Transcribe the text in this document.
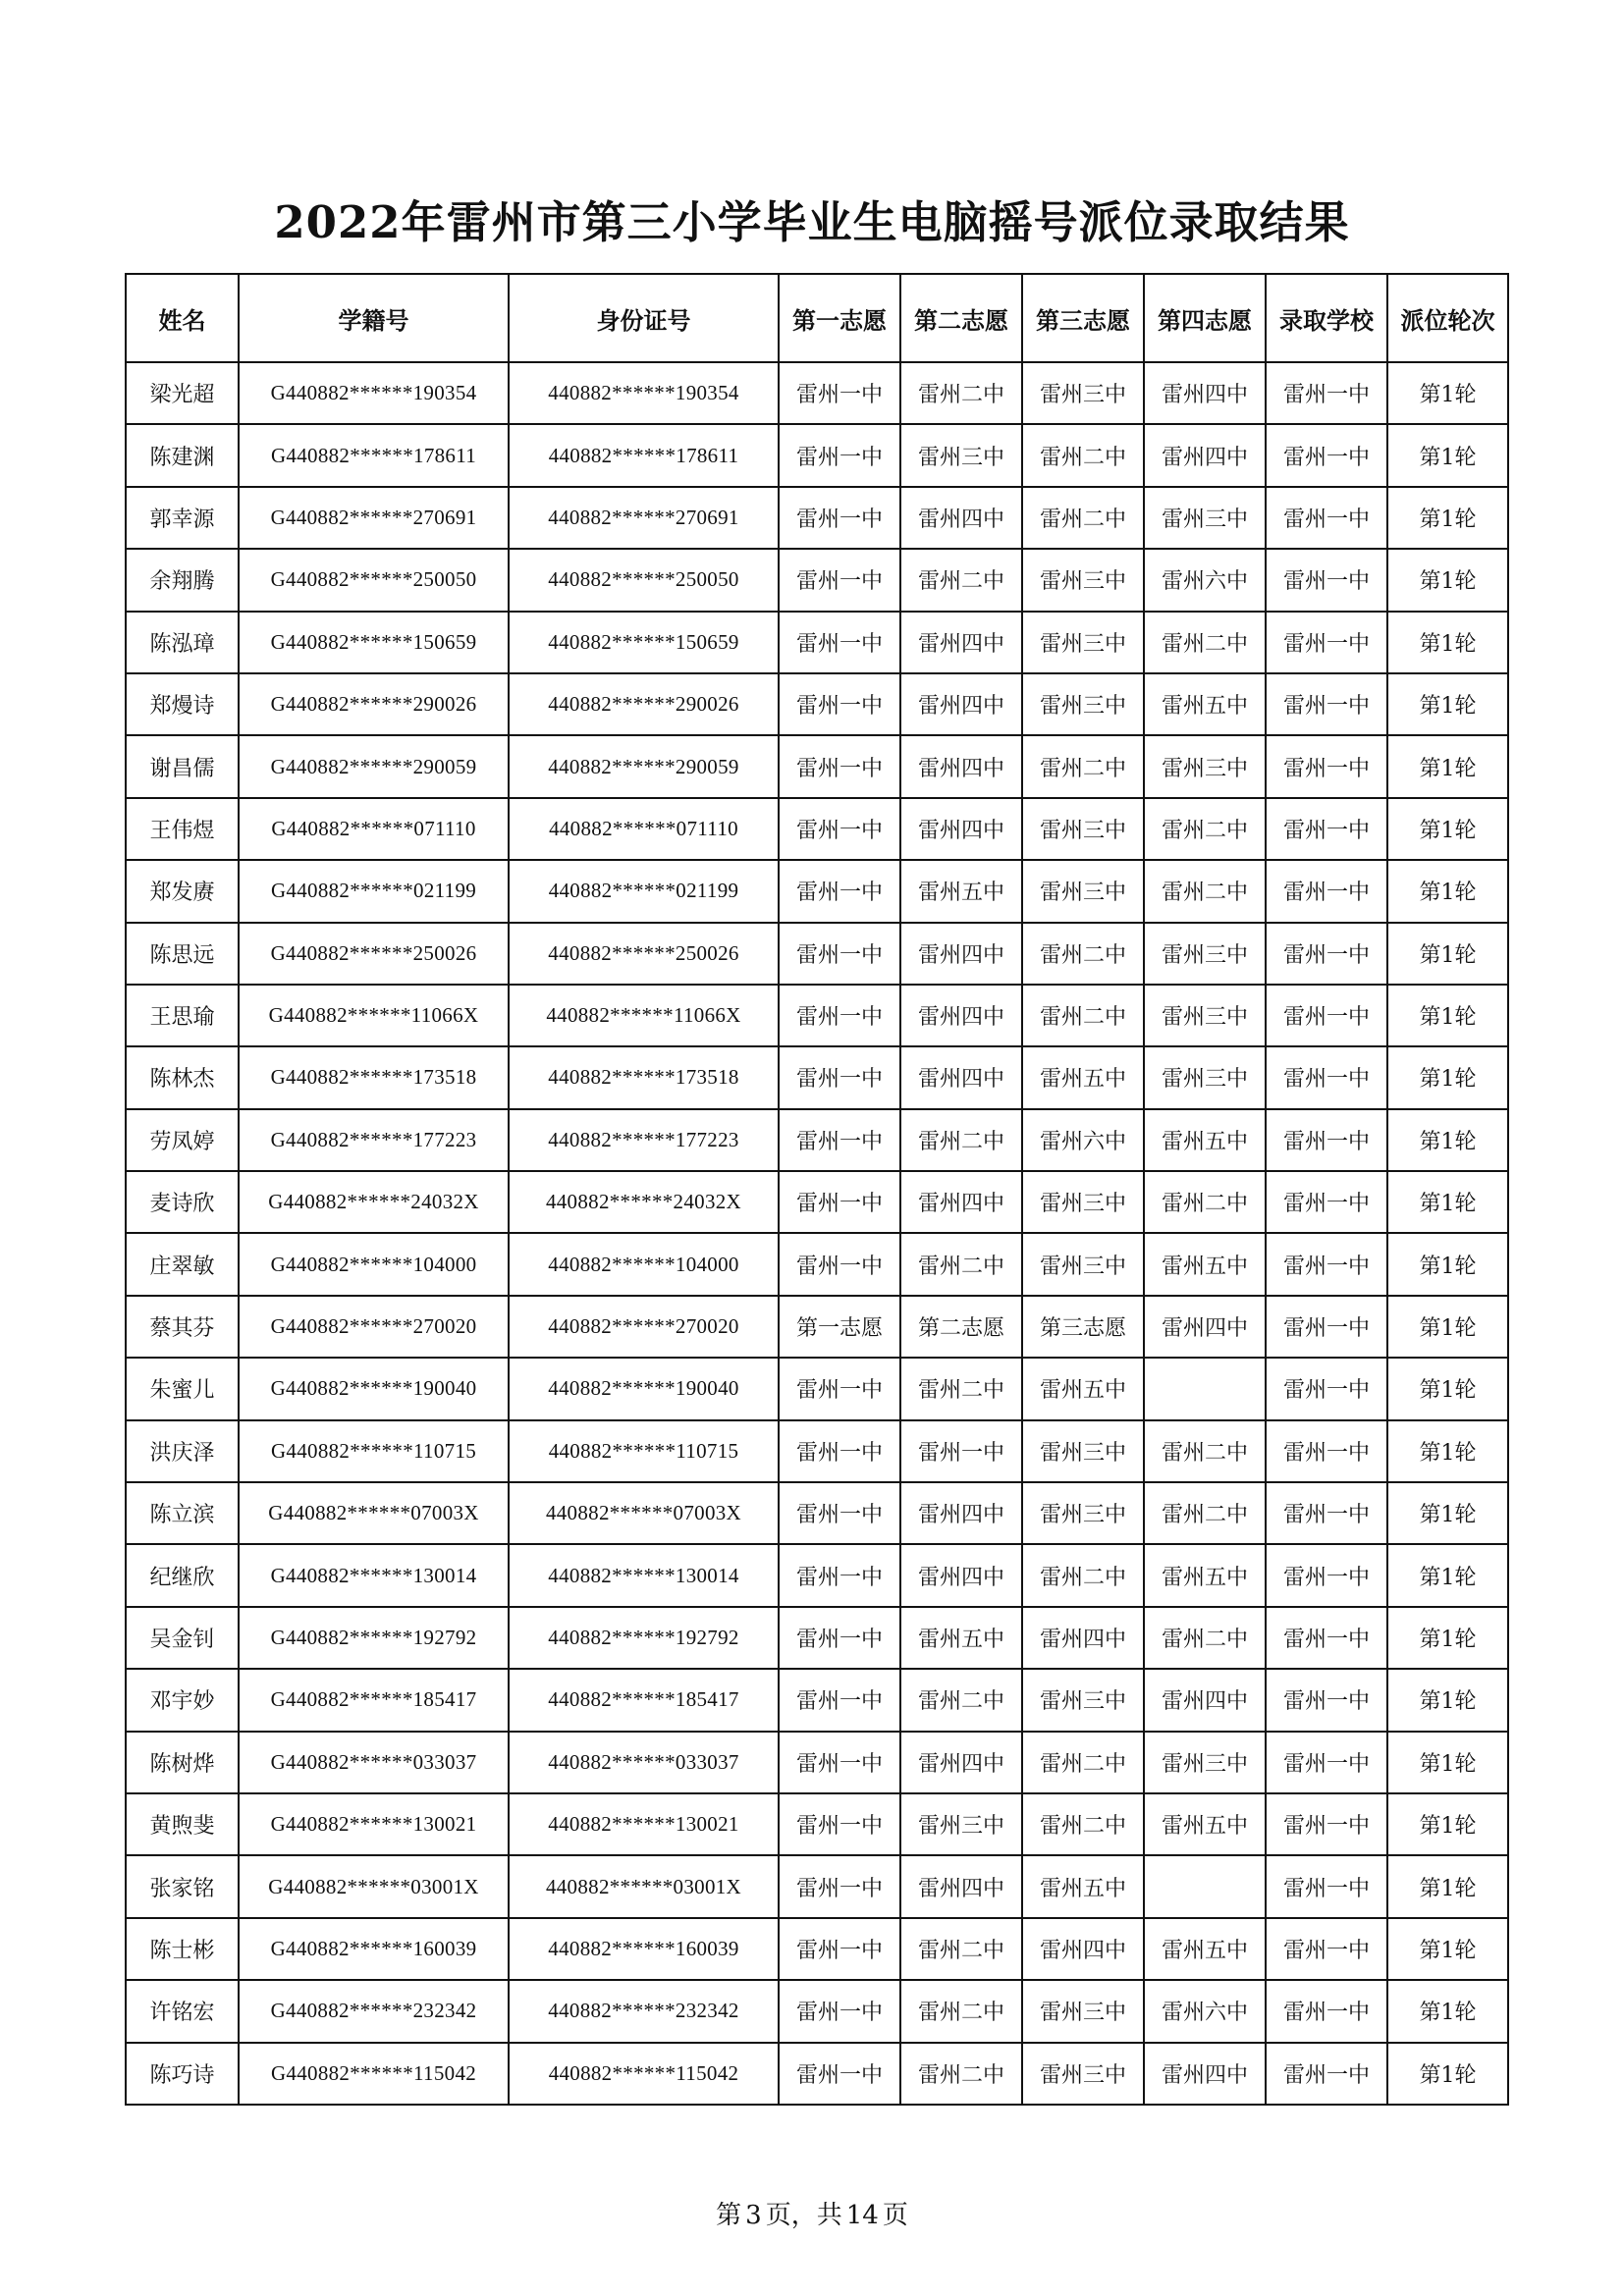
2022年雷州市第三小学毕业生电脑摇号派位录取结果
姓名	学籍号	身份证号	第一志愿	第二志愿	第三志愿	第四志愿	录取学校	派位轮次
梁光超	G440882******190354	440882******190354	雷州一中	雷州二中	雷州三中	雷州四中	雷州一中	第1轮
陈建渊	G440882******178611	440882******178611	雷州一中	雷州三中	雷州二中	雷州四中	雷州一中	第1轮
郭幸源	G440882******270691	440882******270691	雷州一中	雷州四中	雷州二中	雷州三中	雷州一中	第1轮
余翔腾	G440882******250050	440882******250050	雷州一中	雷州二中	雷州三中	雷州六中	雷州一中	第1轮
陈泓璋	G440882******150659	440882******150659	雷州一中	雷州四中	雷州三中	雷州二中	雷州一中	第1轮
郑熳诗	G440882******290026	440882******290026	雷州一中	雷州四中	雷州三中	雷州五中	雷州一中	第1轮
谢昌儒	G440882******290059	440882******290059	雷州一中	雷州四中	雷州二中	雷州三中	雷州一中	第1轮
王伟煜	G440882******071110	440882******071110	雷州一中	雷州四中	雷州三中	雷州二中	雷州一中	第1轮
郑发赓	G440882******021199	440882******021199	雷州一中	雷州五中	雷州三中	雷州二中	雷州一中	第1轮
陈思远	G440882******250026	440882******250026	雷州一中	雷州四中	雷州二中	雷州三中	雷州一中	第1轮
王思瑜	G440882******11066X	440882******11066X	雷州一中	雷州四中	雷州二中	雷州三中	雷州一中	第1轮
陈林杰	G440882******173518	440882******173518	雷州一中	雷州四中	雷州五中	雷州三中	雷州一中	第1轮
劳凤婷	G440882******177223	440882******177223	雷州一中	雷州二中	雷州六中	雷州五中	雷州一中	第1轮
麦诗欣	G440882******24032X	440882******24032X	雷州一中	雷州四中	雷州三中	雷州二中	雷州一中	第1轮
庄翠敏	G440882******104000	440882******104000	雷州一中	雷州二中	雷州三中	雷州五中	雷州一中	第1轮
蔡其芬	G440882******270020	440882******270020	第一志愿	第二志愿	第三志愿	雷州四中	雷州一中	第1轮
朱蜜儿	G440882******190040	440882******190040	雷州一中	雷州二中	雷州五中		雷州一中	第1轮
洪庆泽	G440882******110715	440882******110715	雷州一中	雷州一中	雷州三中	雷州二中	雷州一中	第1轮
陈立滨	G440882******07003X	440882******07003X	雷州一中	雷州四中	雷州三中	雷州二中	雷州一中	第1轮
纪继欣	G440882******130014	440882******130014	雷州一中	雷州四中	雷州二中	雷州五中	雷州一中	第1轮
吴金钊	G440882******192792	440882******192792	雷州一中	雷州五中	雷州四中	雷州二中	雷州一中	第1轮
邓宇妙	G440882******185417	440882******185417	雷州一中	雷州二中	雷州三中	雷州四中	雷州一中	第1轮
陈树烨	G440882******033037	440882******033037	雷州一中	雷州四中	雷州二中	雷州三中	雷州一中	第1轮
黄煦斐	G440882******130021	440882******130021	雷州一中	雷州三中	雷州二中	雷州五中	雷州一中	第1轮
张家铭	G440882******03001X	440882******03001X	雷州一中	雷州四中	雷州五中		雷州一中	第1轮
陈士彬	G440882******160039	440882******160039	雷州一中	雷州二中	雷州四中	雷州五中	雷州一中	第1轮
许铭宏	G440882******232342	440882******232342	雷州一中	雷州二中	雷州三中	雷州六中	雷州一中	第1轮
陈巧诗	G440882******115042	440882******115042	雷州一中	雷州二中	雷州三中	雷州四中	雷州一中	第1轮
第 3 页，共 14 页
